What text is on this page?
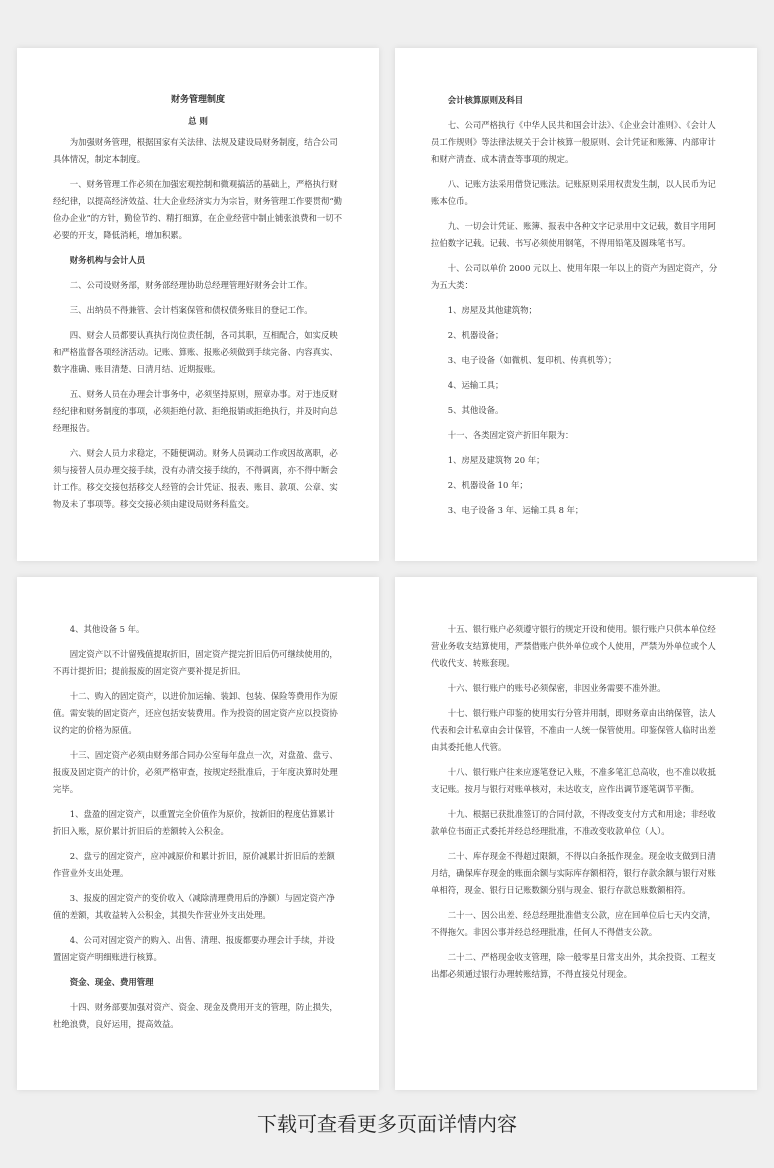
财务管理制度

总 则

为加强财务管理，根据国家有关法律、法规及建设局财务制度，结合公司具体情况，制定本制度。

一、财务管理工作必须在加强宏观控制和微观搞活的基础上，严格执行财经纪律，以提高经济效益、壮大企业经济实力为宗旨，财务管理工作要贯彻“勤俭办企业”的方针，勤俭节约、精打细算，在企业经营中制止铺张浪费和一切不必要的开支，降低消耗，增加积累。

财务机构与会计人员

二、公司设财务部，财务部经理协助总经理管理好财务会计工作。

三、出纳员不得兼管、会计档案保管和债权债务账目的登记工作。

四、财会人员都要认真执行岗位责任制，各司其职，互相配合，如实反映和严格监督各项经济活动。记账、算账、报账必须做到手续完备、内容真实、数字准确、账目清楚、日清月结、近期报账。

五、财务人员在办理会计事务中，必须坚持原则，照章办事。对于违反财经纪律和财务制度的事项，必须拒绝付款、拒绝报销或拒绝执行，并及时向总经理报告。

六、财会人员力求稳定，不随便调动。财务人员调动工作或因故离职，必须与接替人员办理交接手续，没有办清交接手续的，不得调离，亦不得中断会计工作。移交交接包括移交人经管的会计凭证、报表、账目、款项、公章、实物及未了事项等。移交交接必须由建设局财务科监交。

会计核算原则及科目

七、公司严格执行《中华人民共和国会计法》、《企业会计准则》、《会计人员工作规则》等法律法规关于会计核算一般原则、会计凭证和账簿、内部审计和财产清查、成本清查等事项的规定。

八、记账方法采用借贷记账法。记账原则采用权责发生制，以人民币为记账本位币。

九、一切会计凭证、账簿、报表中各种文字记录用中文记载，数目字用阿拉伯数字记载。记载、书写必须使用钢笔，不得用铅笔及圆珠笔书写。

十、公司以单价 2000 元以上、使用年限一年以上的资产为固定资产，分为五大类：

1、房屋及其他建筑物；

2、机器设备；

3、电子设备（如微机、复印机、传真机等）；

4、运输工具；

5、其他设备。

十一、各类固定资产折旧年限为：

1、房屋及建筑物 20 年；

2、机器设备 10 年；

3、电子设备 3 年、运输工具 8 年；

4、其他设备 5 年。

固定资产以不计留残值提取折旧，固定资产提完折旧后仍可继续使用的，不再计提折旧；提前报废的固定资产要补提足折旧。

十二、购入的固定资产，以进价加运输、装卸、包装、保险等费用作为原值。需安装的固定资产，还应包括安装费用。作为投资的固定资产应以投资协议约定的价格为原值。

十三、固定资产必须由财务部合同办公室每年盘点一次，对盘盈、盘亏、报废及固定资产的计价，必须严格审查，按规定经批准后，于年度决算时处理完毕。

1、盘盈的固定资产，以重置完全价值作为原价，按新旧的程度估算累计折旧入账，原价累计折旧后的差额转入公积金。

2、盘亏的固定资产，应冲减原价和累计折旧，原价减累计折旧后的差额作营业外支出处理。

3、报废的固定资产的变价收入（减除清理费用后的净额）与固定资产净值的差额，其收益转入公积金，其损失作营业外支出处理。

4、公司对固定资产的购入、出售、清理、报废都要办理会计手续，并设置固定资产明细账进行核算。

资金、现金、费用管理

十四、财务部要加强对资产、资金、现金及费用开支的管理，防止损失，杜绝浪费，良好运用，提高效益。

十五、银行账户必须遵守银行的规定开设和使用。银行账户只供本单位经营业务收支结算使用，严禁借账户供外单位或个人使用，严禁为外单位或个人代收代支、转账套现。

十六、银行账户的账号必须保密，非因业务需要不准外泄。

十七、银行账户印鉴的使用实行分管并用制，即财务章由出纳保管，法人代表和会计私章由会计保管，不准由一人统一保管使用。印鉴保管人临时出差由其委托他人代管。

十八、银行账户往来应逐笔登记入账，不准多笔汇总高收，也不准以收抵支记账。按月与银行对账单核对，未达收支，应作出调节逐笔调节平衡。

十九、根据已获批准签订的合同付款，不得改变支付方式和用途；非经收款单位书面正式委托并经总经理批准，不准改变收款单位（人）。

二十、库存现金不得超过限额，不得以白条抵作现金。现金收支做到日清月结，确保库存现金的账面余额与实际库存额相符，银行存款余额与银行对账单相符，现金、银行日记账数额分别与现金、银行存款总账数额相符。

二十一、因公出差、经总经理批准借支公款，应在回单位后七天内交清，不得拖欠。非因公事并经总经理批准，任何人不得借支公款。

二十二、严格现金收支管理，除一般零星日常支出外，其余投资、工程支出都必须通过银行办理转账结算，不得直接兑付现金。

下载可查看更多页面详情内容
